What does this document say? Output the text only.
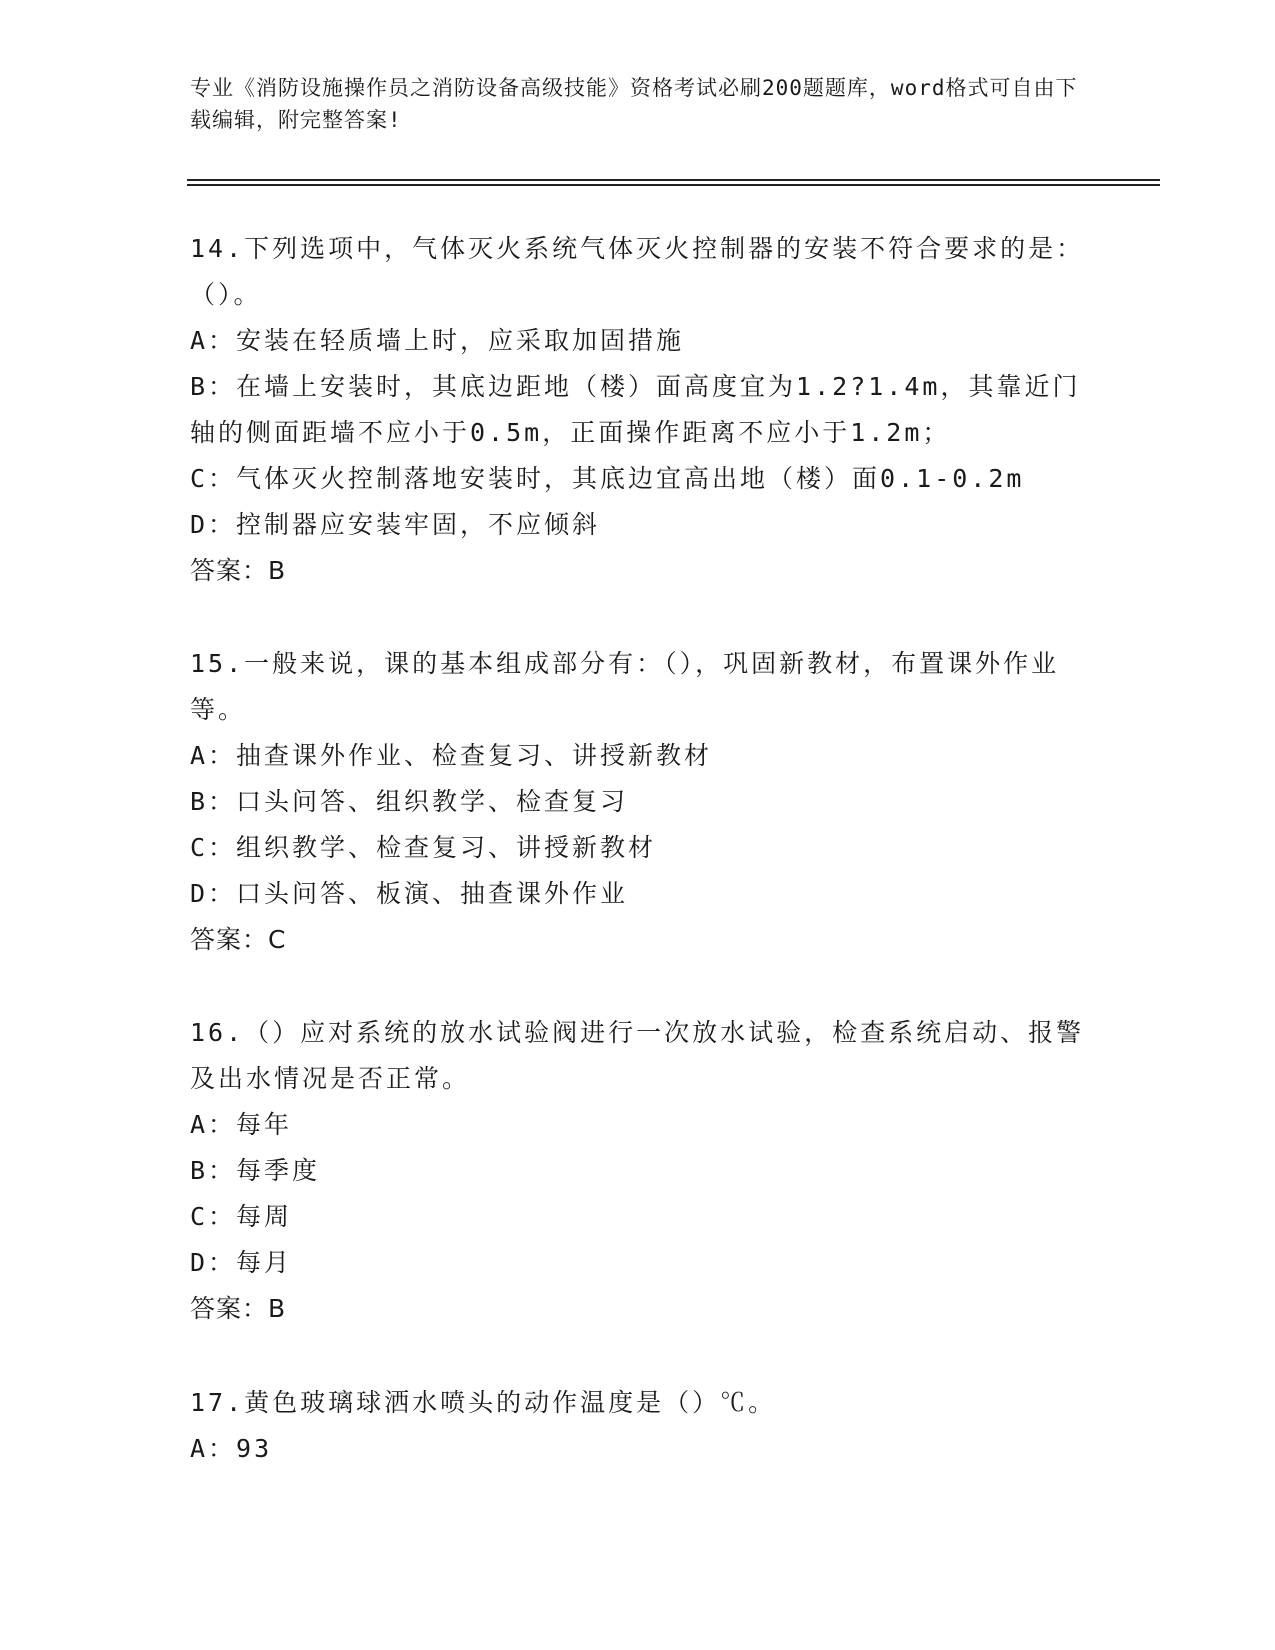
专业《消防设施操作员之消防设备高级技能》资格考试必刷200题题库，word格式可自由下载编辑，附完整答案!
14.下列选项中，气体灭火系统气体灭火控制器的安装不符合要求的是：（）。
A：安装在轻质墙上时，应采取加固措施
B：在墙上安装时，其底边距地（楼）面高度宜为1.2?1.4m，其靠近门轴的侧面距墙不应小于0.5m，正面操作距离不应小于1.2m；
C：气体灭火控制落地安装时，其底边宜高出地（楼）面0.1-0.2m
D：控制器应安装牢固，不应倾斜
答案：B
15.一般来说，课的基本组成部分有：（），巩固新教材，布置课外作业等。
A：抽查课外作业、检查复习、讲授新教材
B：口头问答、组织教学、检查复习
C：组织教学、检查复习、讲授新教材
D：口头问答、板演、抽查课外作业
答案：C
16.（）应对系统的放水试验阀进行一次放水试验，检查系统启动、报警及出水情况是否正常。
A：每年
B：每季度
C：每周
D：每月
答案：B
17.黄色玻璃球洒水喷头的动作温度是（）℃。
A：93
